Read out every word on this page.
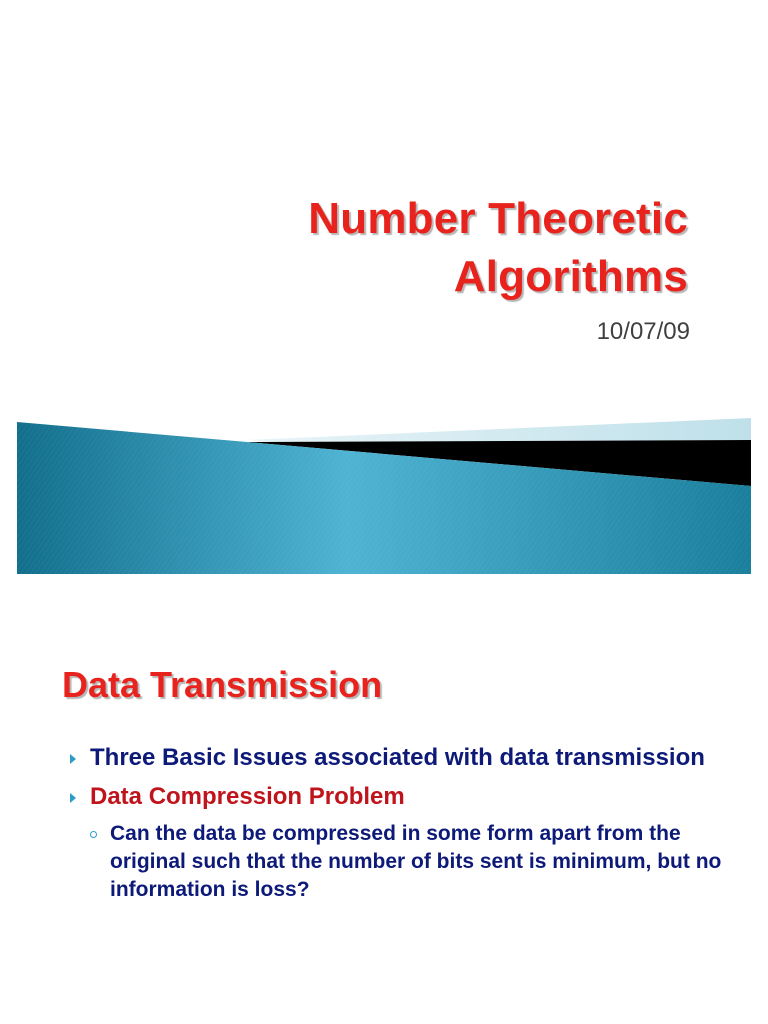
Number Theoretic
Algorithms
10/07/09
Data Transmission
Three Basic Issues associated with data transmission
Data Compression Problem
Can the data be compressed in some form apart from the original such that the number of bits sent is minimum, but no information is loss?
